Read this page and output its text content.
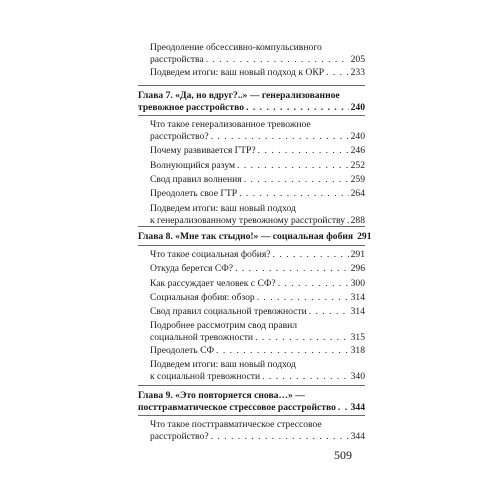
Преодоление обсессивно-компульсивного
расстройства . . .	205
Подведем итоги: ваш новый подход к ОКР . . .	233
Глава 7. «Да, но вдруг?..» — генерализованное
тревожное расстройство . . .	240
Что такое генерализованное тревожное
расстройство? . . .	240
Почему развивается ГТР? . . .	246
Волнующийся разум . . .	252
Свод правил волнения . . .	259
Преодолеть свое ГТР . . .	264
Подведем итоги: ваш новый подход
к генерализованному тревожному расстройству . . . 288
Глава 8. «Мне так стыдно!» — социальная фобия 291
Что такое социальная фобия? . . .	291
Откуда берется СФ? . . .	296
Как рассуждает человек с СФ? . . .	300
Социальная фобия: обзор . . .	314
Свод правил социальной тревожности . . .	314
Подробнее рассмотрим свод правил
социальной тревожности . . .	315
Преодолеть СФ . . .	318
Подведем итоги: ваш новый подход
к социальной тревожности . . .	340
Глава 9. «Это повторяется снова…» —
посттравматическое стрессовое расстройство . . . 344
Что такое посттравматическое стрессовое
расстройство? . . .	344
509
